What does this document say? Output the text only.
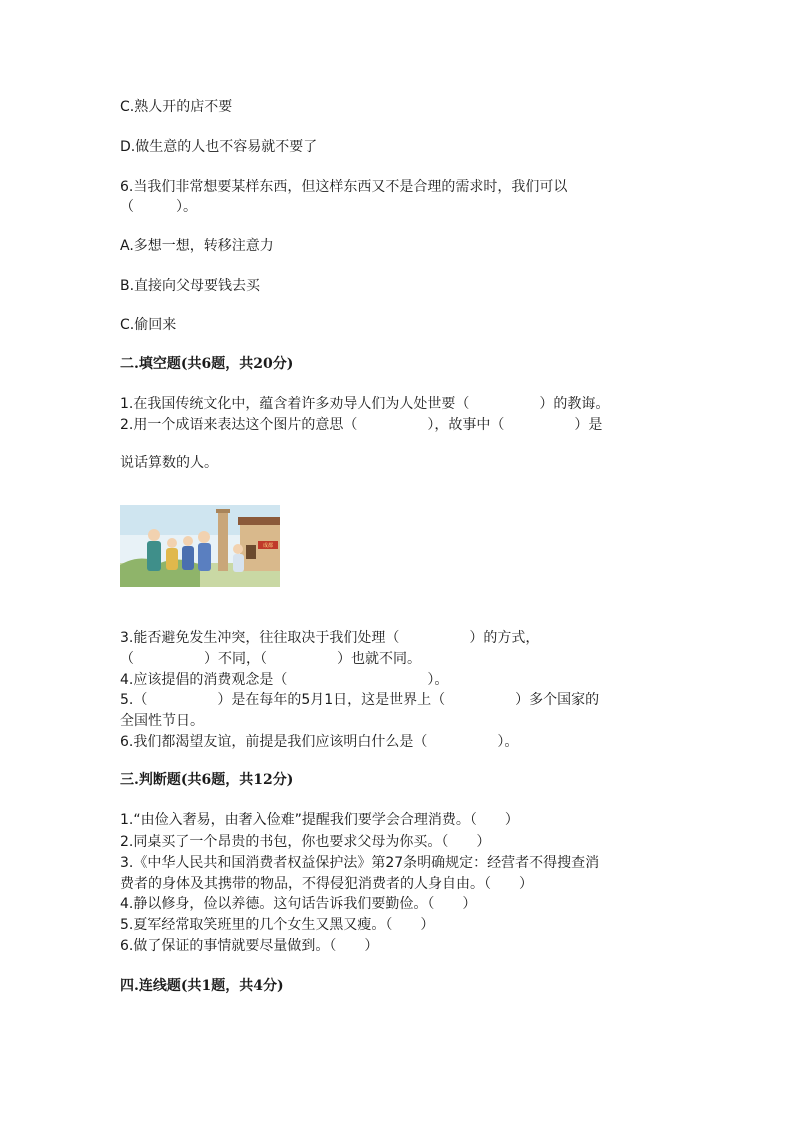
C.熟人开的店不要
D.做生意的人也不容易就不要了
6.当我们非常想要某样东西，但这样东西又不是合理的需求时，我们可以
（　　　）。
A.多想一想，转移注意力
B.直接向父母要钱去买
C.偷回来
二.填空题(共6题，共20分)
1.在我国传统文化中，蕴含着许多劝导人们为人处世要（　　　　　）的教诲。
2.用一个成语来表达这个图片的意思（　　　　　），故事中（　　　　　）是
说话算数的人。
成都
3.能否避免发生冲突，往往取决于我们处理（　　　　　）的方式，
（　　　　　）不同，（　　　　　）也就不同。
4.应该提倡的消费观念是（　　　　　　　　　　）。
5.（　　　　　）是在每年的5月1日，这是世界上（　　　　　）多个国家的
全国性节日。
6.我们都渴望友谊，前提是我们应该明白什么是（　　　　　）。
三.判断题(共6题，共12分)
1.“由俭入奢易，由奢入俭难”提醒我们要学会合理消费。（　　）
2.同桌买了一个昂贵的书包，你也要求父母为你买。（　　）
3.《中华人民共和国消费者权益保护法》第27条明确规定：经营者不得搜查消
费者的身体及其携带的物品，不得侵犯消费者的人身自由。（　　）
4.静以修身，俭以养德。这句话告诉我们要勤俭。（　　）
5.夏军经常取笑班里的几个女生又黑又瘦。（　　）
6.做了保证的事情就要尽量做到。（　　）
四.连线题(共1题，共4分)
